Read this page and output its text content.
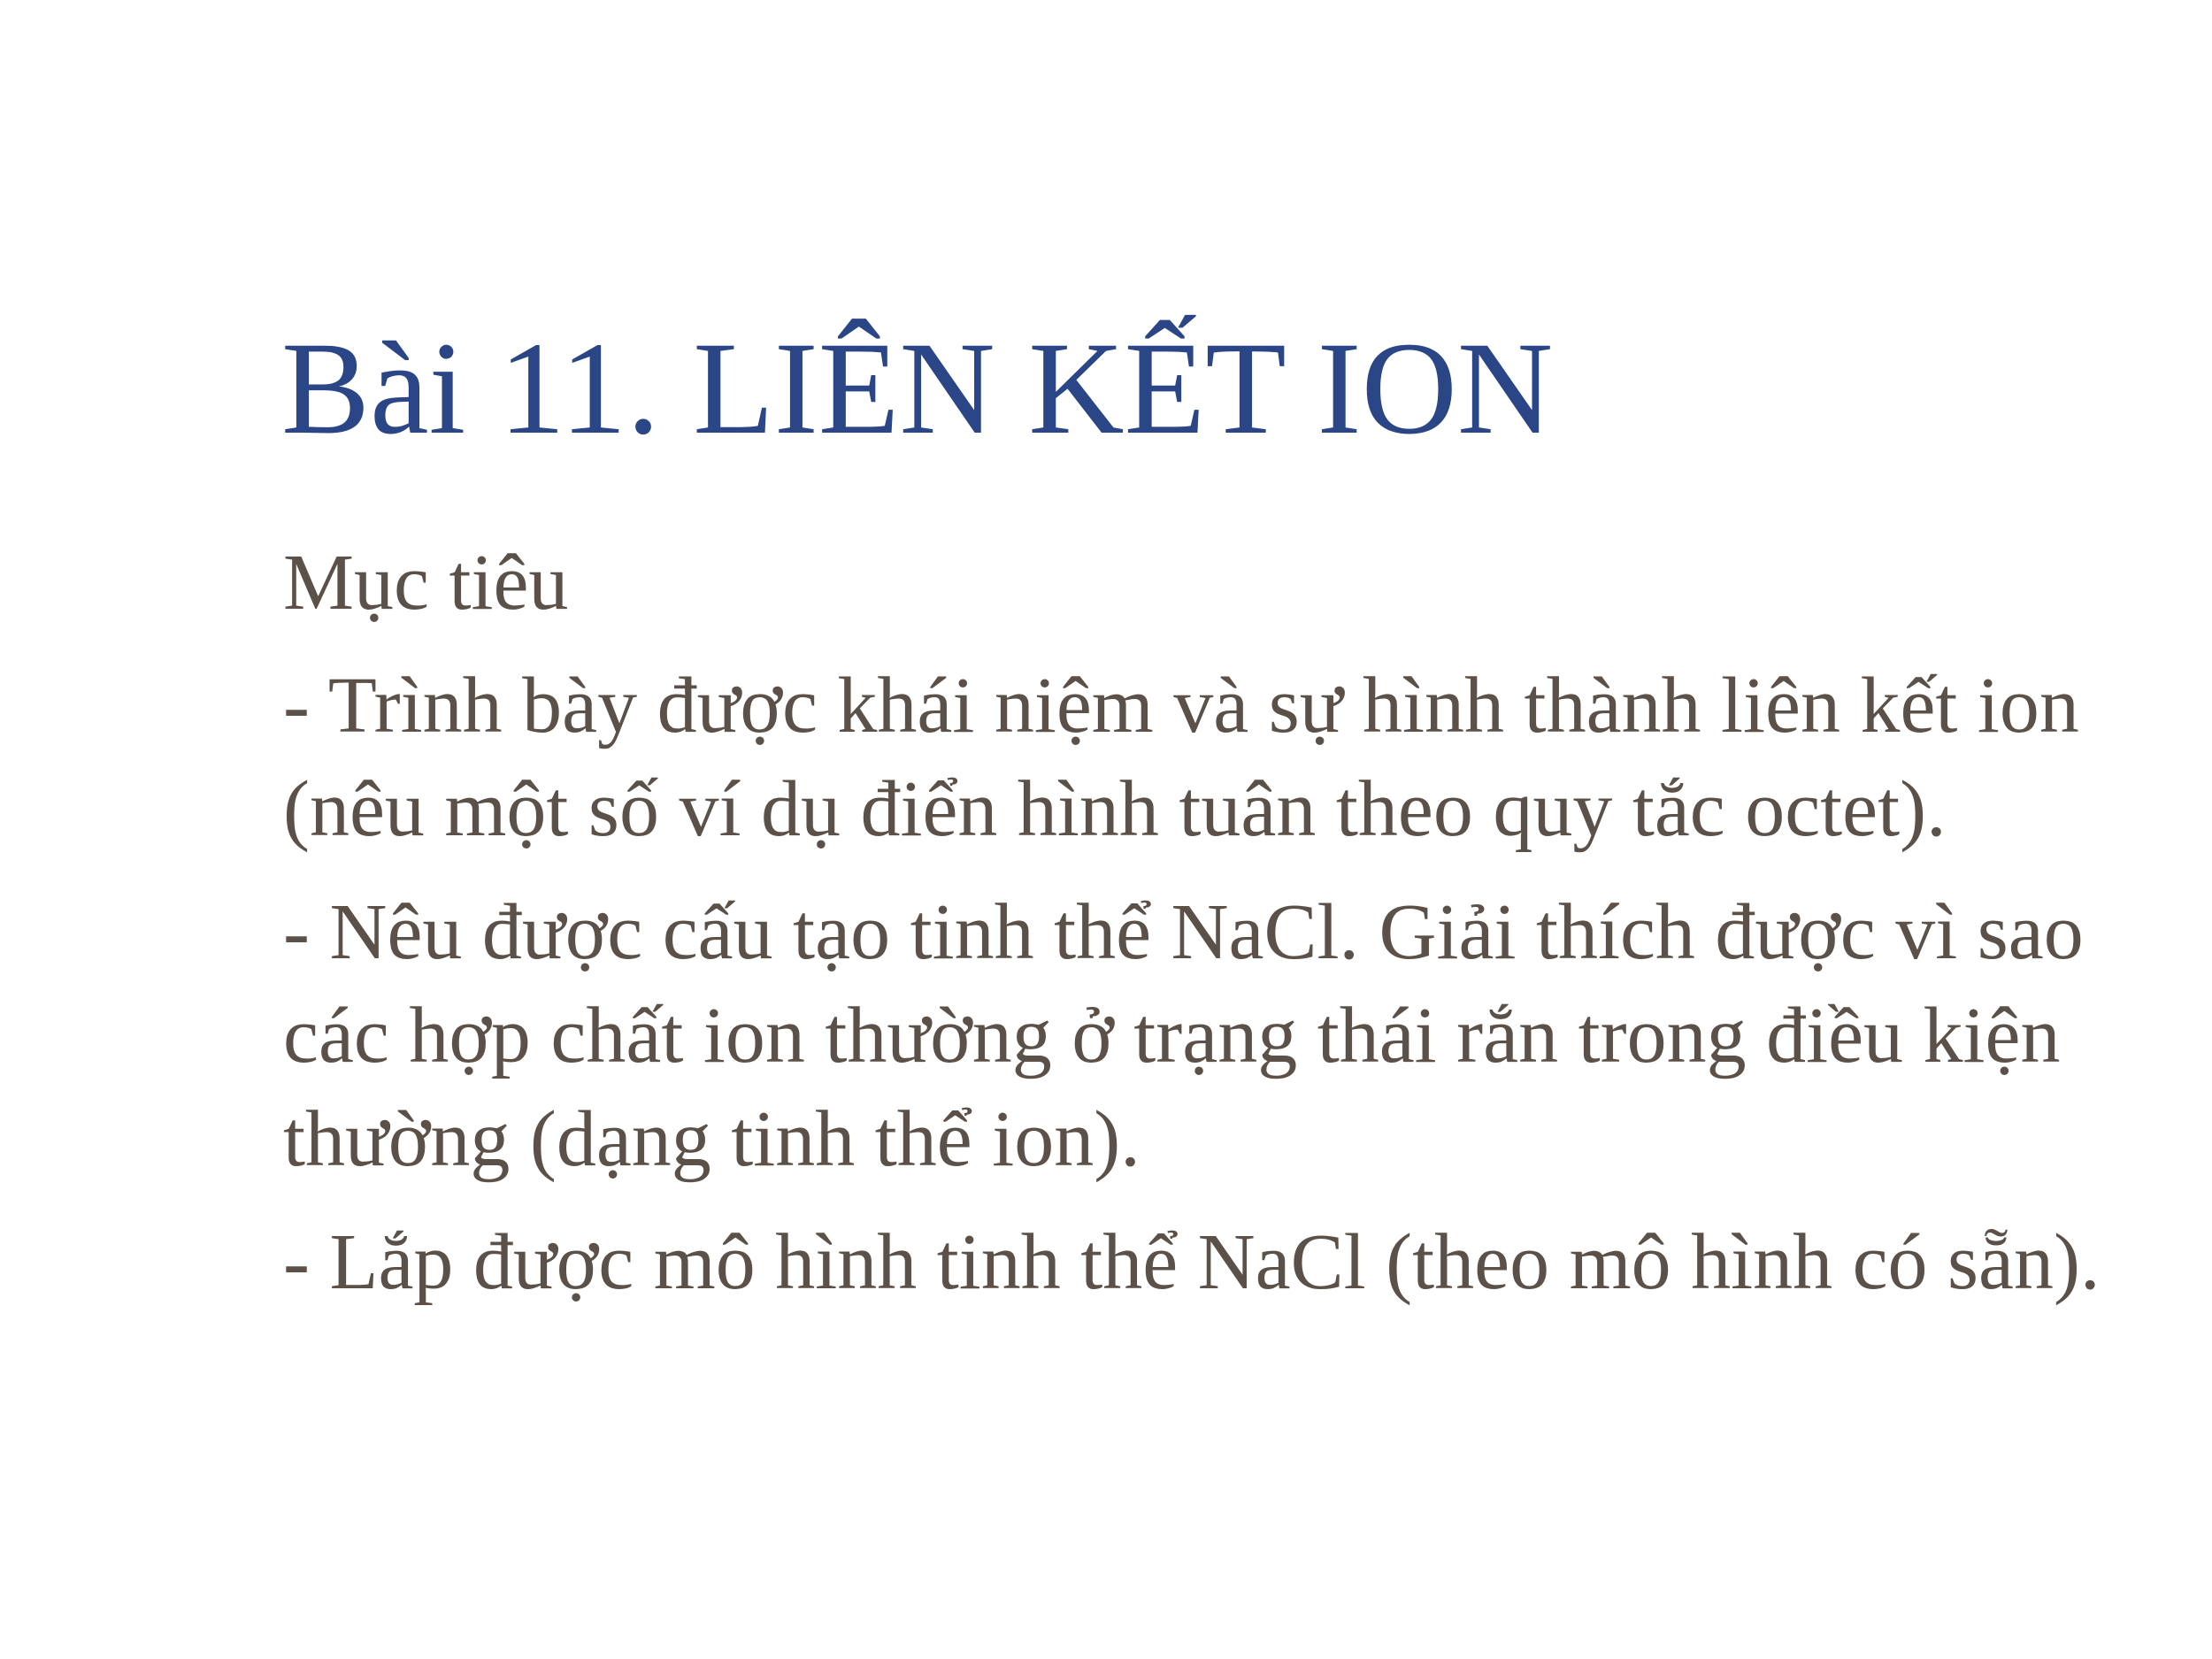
Bài 11. LIÊN KẾT ION

Mục tiêu

- Trình bày được khái niệm và sự hình thành liên kết ion (nêu một số ví dụ điển hình tuân theo quy tắc octet).

- Nêu được cấu tạo tinh thể NaCl. Giải thích được vì sao các hợp chất ion thường ở trạng thái rắn trong điều kiện thường (dạng tinh thể ion).

- Lắp được mô hình tinh thể NaCl (theo mô hình có sẵn).
